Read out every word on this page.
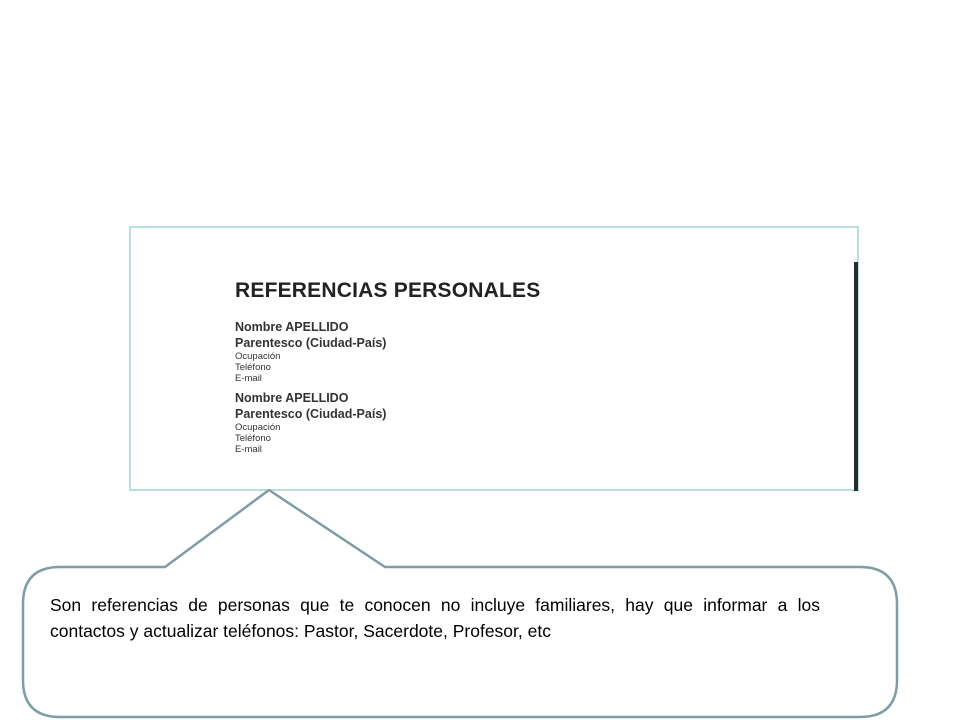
REFERENCIAS PERSONALES
Nombre APELLIDO
Parentesco (Ciudad-País)
Ocupación
Teléfono
E-mail
Nombre APELLIDO
Parentesco (Ciudad-País)
Ocupación
Teléfono
E-mail
Son referencias de personas que te conocen no incluye familiares, hay que informar a los contactos y actualizar teléfonos: Pastor, Sacerdote, Profesor, etc
